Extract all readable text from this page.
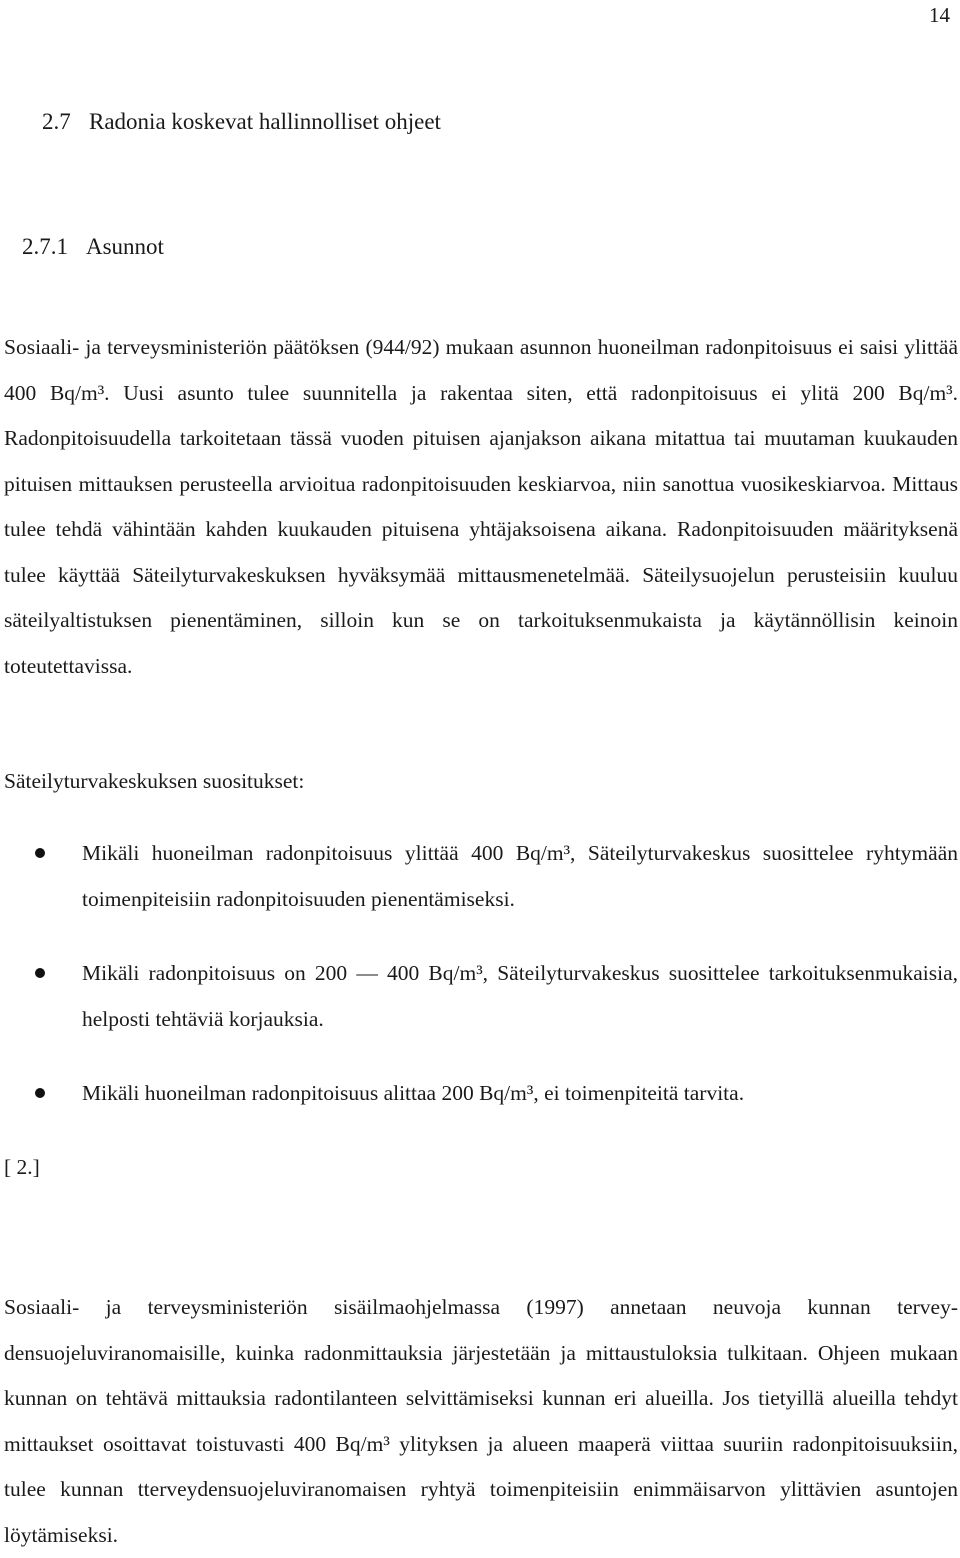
14
2.7 Radonia koskevat hallinnolliset ohjeet
2.7.1 Asunnot

Sosiaali- ja terveysministeriön päätöksen (944/92) mukaan asunnon huoneilman radonpitoisuus ei saisi ylittää 400 Bq/m³. Uusi asunto tulee suunnitella ja rakentaa siten, että radonpitoisuus ei ylitä 200 Bq/m³. Radonpitoisuudella tarkoitetaan tässä vuoden pituisen ajanjakson aikana mitattua tai muutaman kuukauden pituisen mittauksen perusteella arvioitua radonpitoisuuden keskiarvoa, niin sanottua vuosikeskiarvoa. Mittaus tulee tehdä vähintään kahden kuukauden pituisena yhtäjaksoisena aikana. Radonpitoisuuden määrityksenä tulee käyttää Säteilyturvakeskuksen hyväksymää mittausmenetelmää. Säteilysuojelun perusteisiin kuuluu säteilyaltistuksen pienentäminen, silloin kun se on tarkoituksenmukaista ja käytännöllisin keinoin toteutettavissa.

Säteilyturvakeskuksen suositukset:

Mikäli huoneilman radonpitoisuus ylittää 400 Bq/m³, Säteilyturvakeskus suosittelee ryhtymään toimenpiteisiin radonpitoisuuden pienentämiseksi.
Mikäli radonpitoisuus on 200 — 400 Bq/m³, Säteilyturvakeskus suosittelee tarkoituksenmukaisia, helposti tehtäviä korjauksia.
Mikäli huoneilman radonpitoisuus alittaa 200 Bq/m³, ei toimenpiteitä tarvita.

[ 2.]

Sosiaali- ja terveysministeriön sisäilmaohjelmassa (1997) annetaan neuvoja kunnan terveydensuojeluviranomaisille, kuinka radonmittauksia järjestetään ja mittaustuloksia tulkitaan. Ohjeen mukaan kunnan on tehtävä mittauksia radontilanteen selvittämiseksi kunnan eri alueilla. Jos tietyillä alueilla tehdyt mittaukset osoittavat toistuvasti 400 Bq/m³ ylityksen ja alueen maaperä viittaa suuriin radonpitoisuuksiin, tulee kunnan tterveydensuojeluviranomaisen ryhtyä toimenpiteisiin enimmäisarvon ylittävien asuntojen löytämiseksi.
